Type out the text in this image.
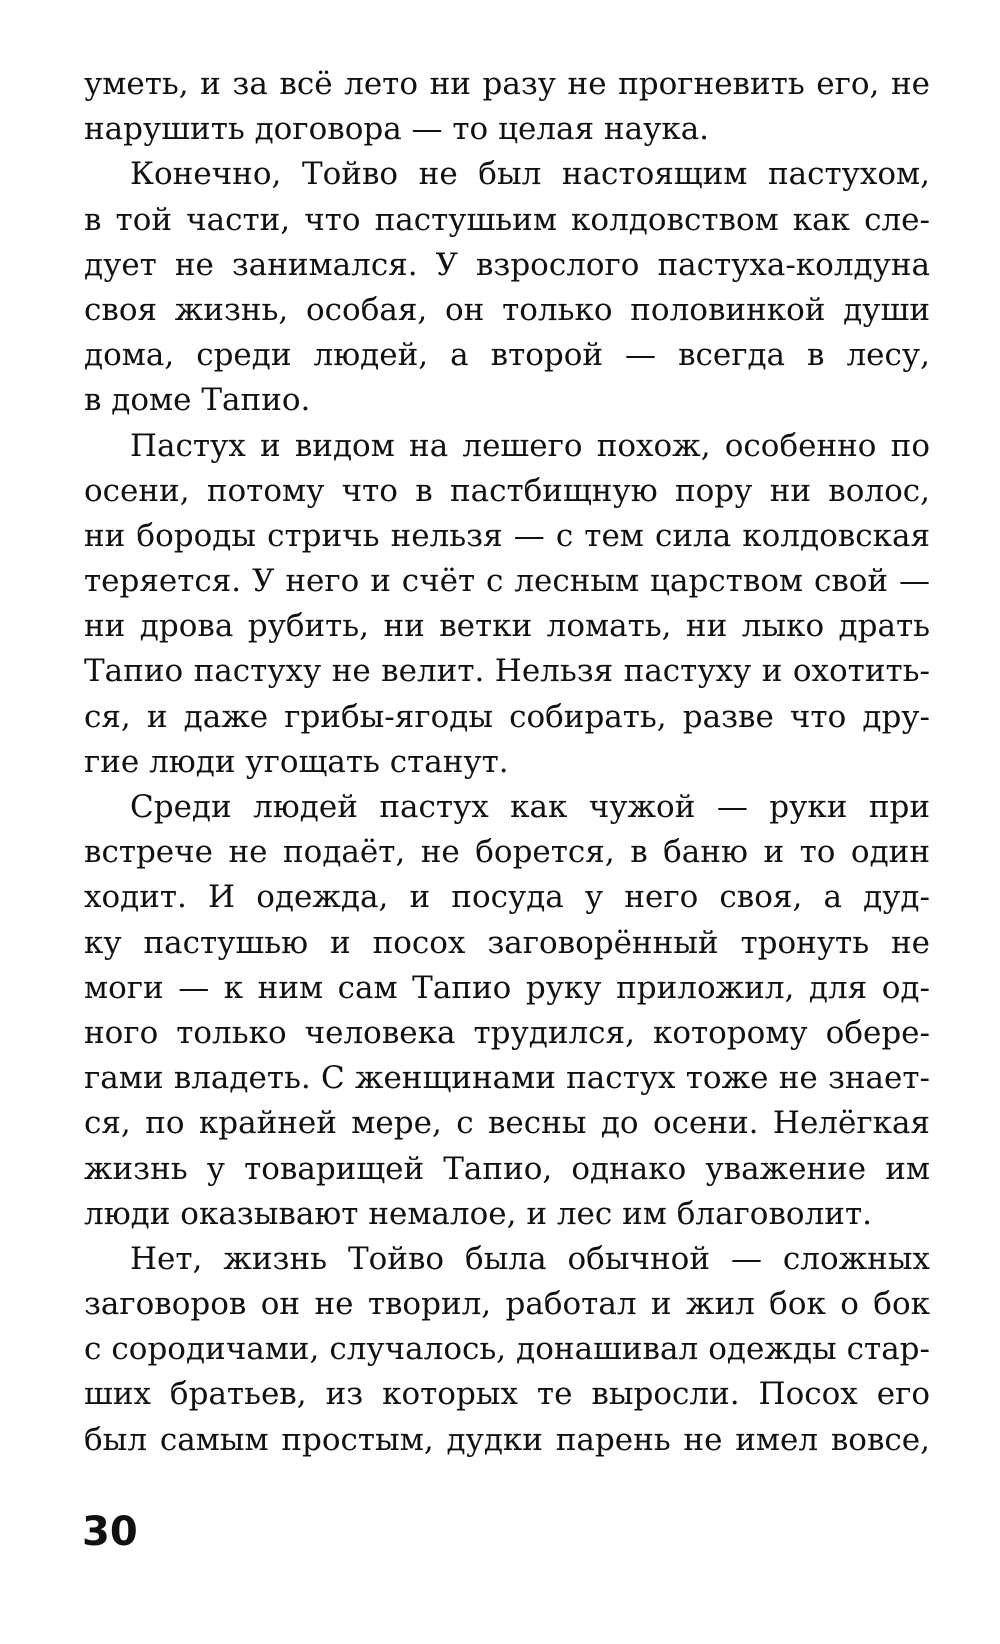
уметь, и за всё лето ни разу не прогневить его, не
нарушить договора — то целая наука.
Конечно, Тойво не был настоящим пастухом,
в той части, что пастушьим колдовством как сле-
дует не занимался. У взрослого пастуха-колдуна
своя жизнь, особая, он только половинкой души
дома, среди людей, а второй — всегда в лесу,
в доме Тапио.
Пастух и видом на лешего похож, особенно по
осени, потому что в пастбищную пору ни волос,
ни бороды стричь нельзя — с тем сила колдовская
теряется. У него и счёт с лесным царством свой —
ни дрова рубить, ни ветки ломать, ни лыко драть
Тапио пастуху не велит. Нельзя пастуху и охотить-
ся, и даже грибы-ягоды собирать, разве что дру-
гие люди угощать станут.
Среди людей пастух как чужой — руки при
встрече не подаёт, не борется, в баню и то один
ходит. И одежда, и посуда у него своя, а дуд-
ку пастушью и посох заговорённый тронуть не
моги — к ним сам Тапио руку приложил, для од-
ного только человека трудился, которому обере-
гами владеть. С женщинами пастух тоже не знает-
ся, по крайней мере, с весны до осени. Нелёгкая
жизнь у товарищей Тапио, однако уважение им
люди оказывают немалое, и лес им благоволит.
Нет, жизнь Тойво была обычной — сложных
заговоров он не творил, работал и жил бок о бок
с сородичами, случалось, донашивал одежды стар-
ших братьев, из которых те выросли. Посох его
был самым простым, дудки парень не имел вовсе,
30
